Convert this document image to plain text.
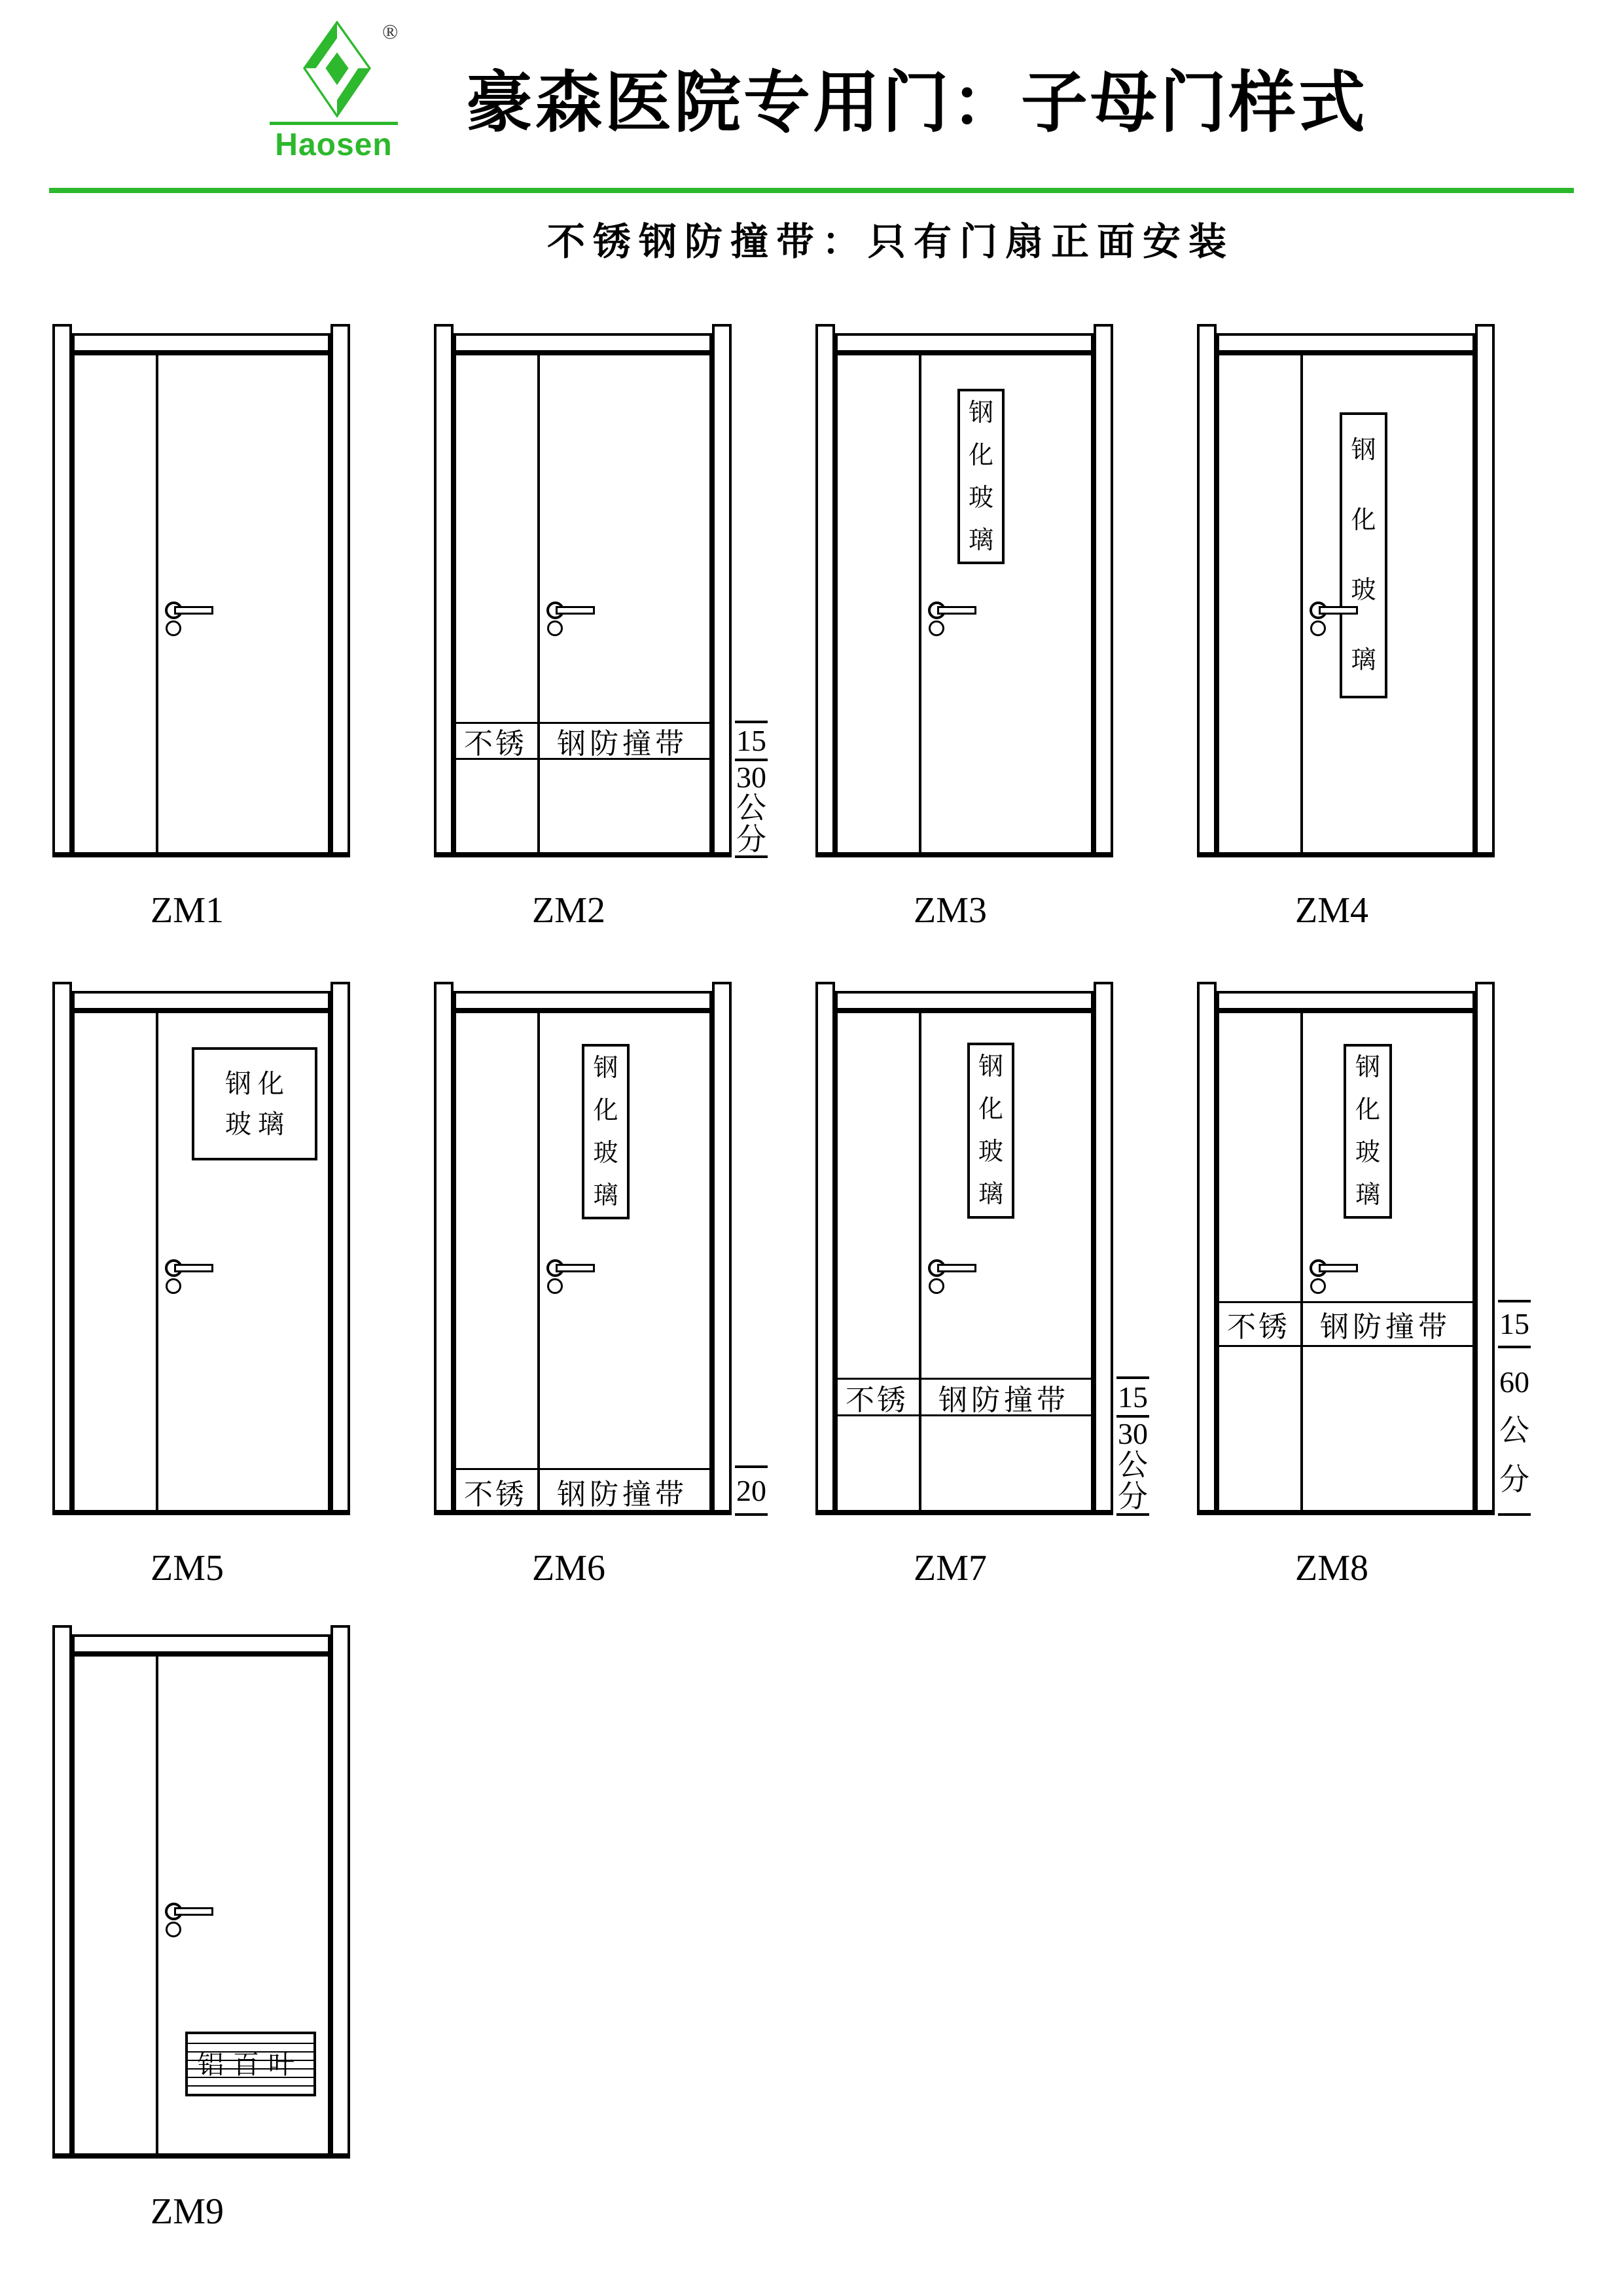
®
Haosen
豪森医院专用门：子母门样式
不锈钢防撞带：只有门扇正面安装
ZM1
不锈	钢防撞带	15
30
公
分
ZM2
钢
化
玻
璃
ZM3
钢
化
玻
璃
ZM4
钢化
玻璃
ZM5
不锈	钢防撞带
钢
化
玻
璃
20
ZM6
不锈	钢防撞带
钢
化
玻
璃
15
30
公
分
ZM7
不锈	钢防撞带
钢
化
玻
璃
15
60
公
分
ZM8
铝百叶
ZM9
